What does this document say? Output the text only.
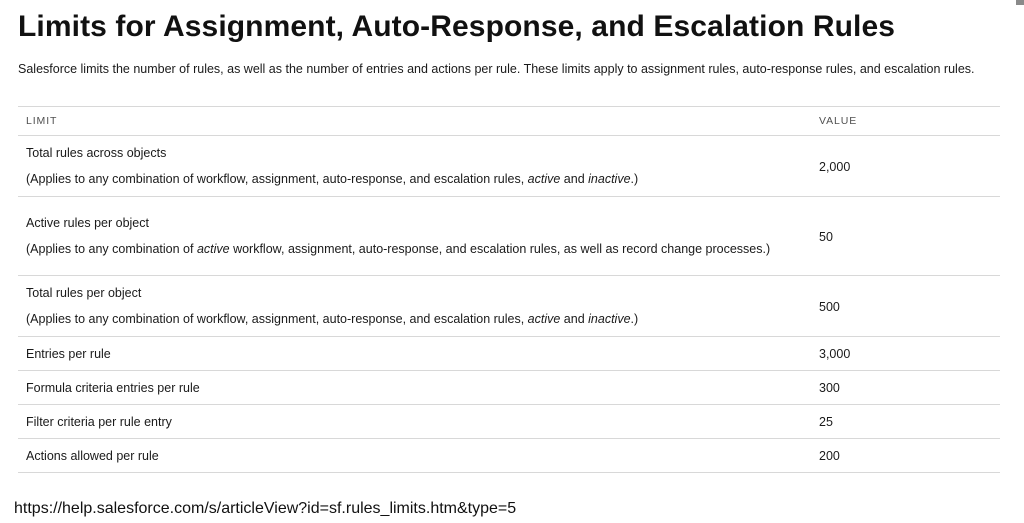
Limits for Assignment, Auto-Response, and Escalation Rules
Salesforce limits the number of rules, as well as the number of entries and actions per rule. These limits apply to assignment rules, auto-response rules, and escalation rules.
LIMIT	VALUE

Total rules across objects
(Applies to any combination of workflow, assignment, auto-response, and escalation rules, active and inactive.)	2,000

Active rules per object
(Applies to any combination of active workflow, assignment, auto-response, and escalation rules, as well as record change processes.)	50

Total rules per object
(Applies to any combination of workflow, assignment, auto-response, and escalation rules, active and inactive.)	500
Entries per rule	3,000
Formula criteria entries per rule	300
Filter criteria per rule entry	25
Actions allowed per rule	200
https://help.salesforce.com/s/articleView?id=sf.rules_limits.htm&type=5
